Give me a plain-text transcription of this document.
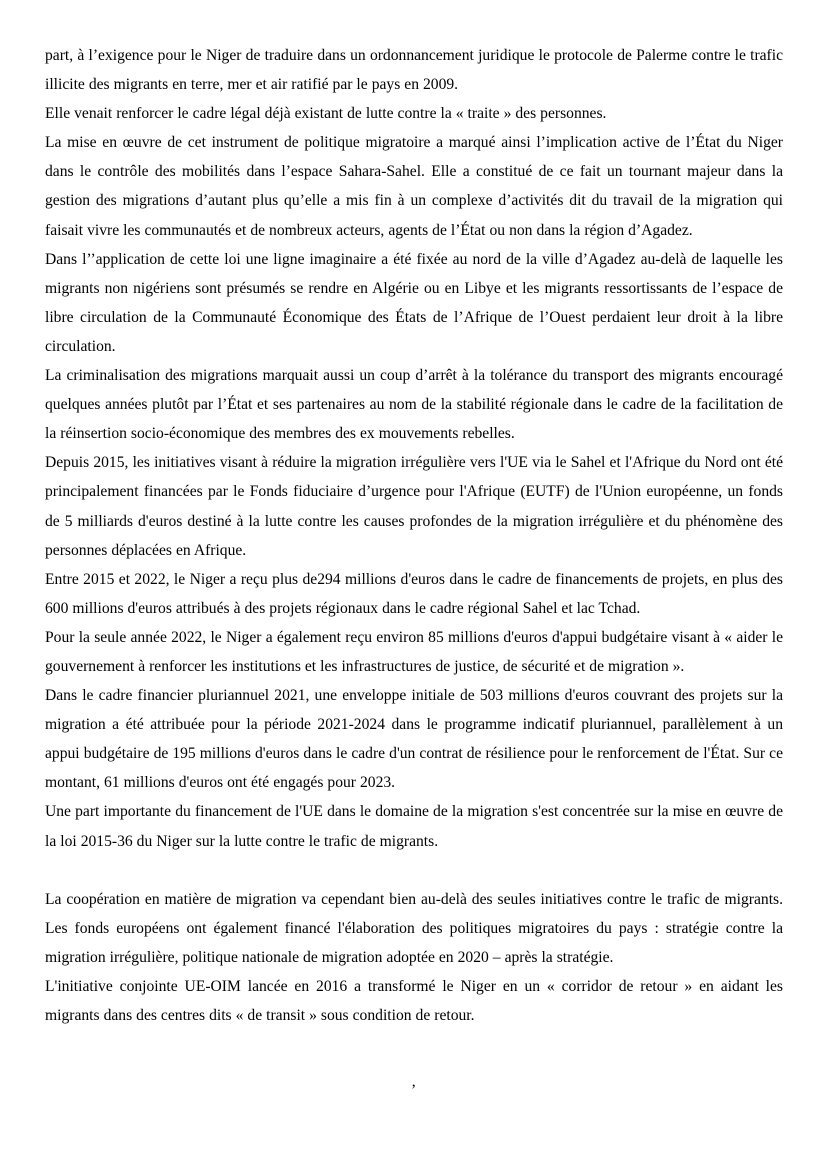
part, à l’exigence pour le Niger de traduire dans un ordonnancement juridique le protocole de Palerme contre le trafic illicite des migrants en terre, mer et air ratifié par le pays en 2009.

Elle venait renforcer le cadre légal déjà existant de lutte contre la « traite » des personnes.

La mise en œuvre de cet instrument de politique migratoire a marqué ainsi l’implication active de l’État du Niger dans le contrôle des mobilités dans l’espace Sahara-Sahel. Elle a constitué de ce fait un tournant majeur dans la gestion des migrations d’autant plus qu’elle a mis fin à un complexe d’activités dit du travail de la migration qui faisait vivre les communautés et de nombreux acteurs, agents de l’État ou non dans la région d’Agadez.

Dans l’’application de cette loi une ligne imaginaire a été fixée au nord de la ville d’Agadez au-delà de laquelle les migrants non nigériens sont présumés se rendre en Algérie ou en Libye et les migrants ressortissants de l’espace de libre circulation de la Communauté Économique des États de l’Afrique de l’Ouest perdaient leur droit à la libre circulation.

La criminalisation des migrations marquait aussi un coup d’arrêt à la tolérance du transport des migrants encouragé quelques années plutôt par l’État et ses partenaires au nom de la stabilité régionale dans le cadre de la facilitation de la réinsertion socio-économique des membres des ex mouvements rebelles.

Depuis 2015, les initiatives visant à réduire la migration irrégulière vers l'UE via le Sahel et l'Afrique du Nord ont été principalement financées par le Fonds fiduciaire d’urgence pour l'Afrique (EUTF) de l'Union européenne, un fonds de 5 milliards d'euros destiné à la lutte contre les causes profondes de la migration irrégulière et du phénomène des personnes déplacées en Afrique.

Entre 2015 et 2022, le Niger a reçu plus de294 millions d'euros dans le cadre de financements de projets, en plus des 600 millions d'euros attribués à des projets régionaux dans le cadre régional Sahel et lac Tchad.

Pour la seule année 2022, le Niger a également reçu environ 85 millions d'euros d'appui budgétaire visant à « aider le gouvernement à renforcer les institutions et les infrastructures de justice, de sécurité et de migration ».

Dans le cadre financier pluriannuel 2021, une enveloppe initiale de 503 millions d'euros couvrant des projets sur la migration a été attribuée pour la période 2021-2024 dans le programme indicatif pluriannuel, parallèlement à un appui budgétaire de 195 millions d'euros dans le cadre d'un contrat de résilience pour le renforcement de l'État. Sur ce montant, 61 millions d'euros ont été engagés pour 2023.

Une part importante du financement de l'UE dans le domaine de la migration s'est concentrée sur la mise en œuvre de la loi 2015-36 du Niger sur la lutte contre le trafic de migrants.

La coopération en matière de migration va cependant bien au-delà des seules initiatives contre le trafic de migrants. Les fonds européens ont également financé l'élaboration des politiques migratoires du pays : stratégie contre la migration irrégulière, politique nationale de migration adoptée en 2020 – après la stratégie.

L'initiative conjointe UE-OIM lancée en 2016 a transformé le Niger en un « corridor de retour » en aidant les migrants dans des centres dits « de transit » sous condition de retour.

’
